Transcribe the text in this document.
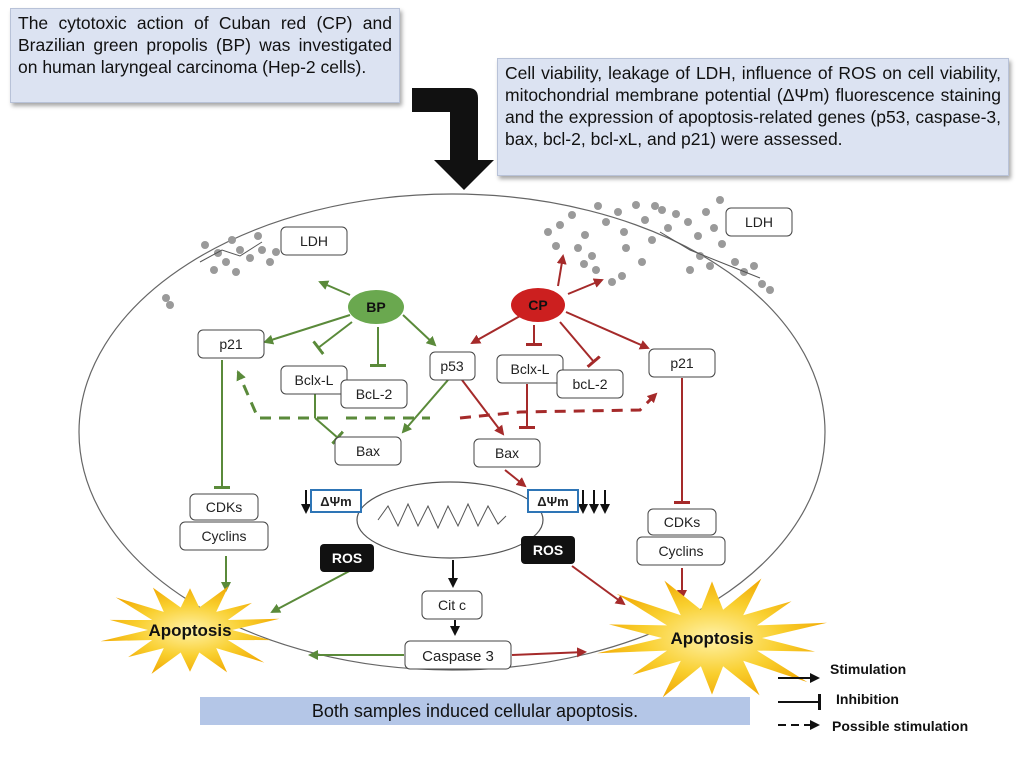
The cytotoxic action of Cuban red (CP) and Brazilian green propolis (BP) was investigated on human laryngeal carcinoma (Hep-2 cells).	Cell viability, leakage of LDH, influence of ROS on cell viability, mitochondrial membrane potential (ΔΨm) fluorescence staining and the expression of apoptosis-related genes (p53, caspase-3, bax, bcl-2, bcl-xL, and p21) were assessed.
BP	CP
LDH
LDH
p21
Bclx-L
BcL-2
p53	Bclx-L
bcL-2
p21
Bax	Bax
CDKs
Cyclins
CDKs
Cyclins
Cit c
Caspase 3
ΔΨm	ΔΨm
ROS	ROS
Apoptosis	Apoptosis
Stimulation
Inhibition
Possible stimulation
Both samples induced cellular apoptosis.
